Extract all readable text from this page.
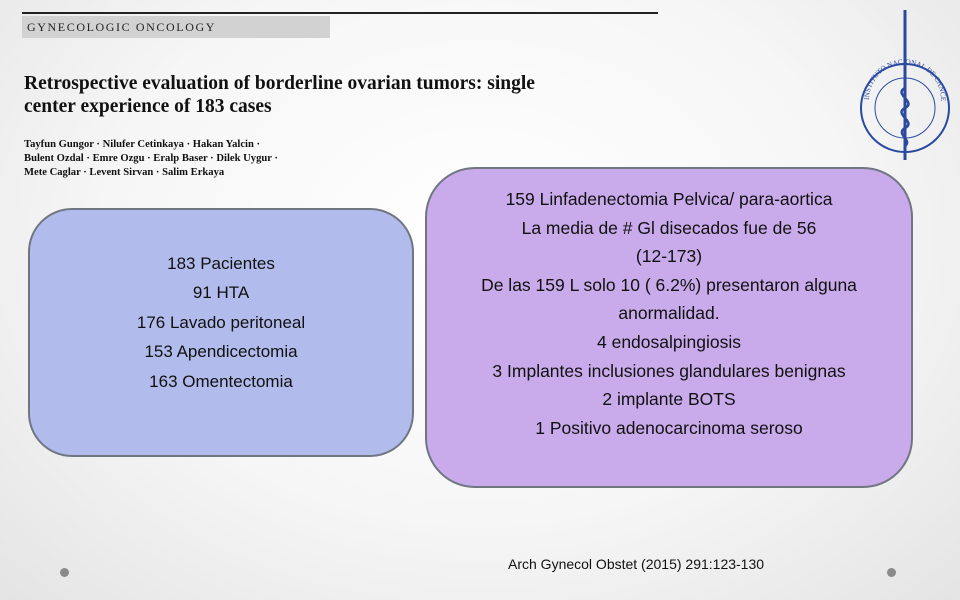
GYNECOLOGIC ONCOLOGY
Retrospective evaluation of borderline ovarian tumors: single
center experience of 183 cases
Tayfun Gungor · Nilufer Cetinkaya · Hakan Yalcin ·
Bulent Ozdal · Emre Ozgu · Eralp Baser · Dilek Uygur ·
Mete Caglar · Levent Sirvan · Salim Erkaya
INSTITUTO NACIONAL DE CANCE
183 Pacientes
91 HTA
176 Lavado peritoneal
153 Apendicectomia
163 Omentectomia
159 Linfadenectomia Pelvica/ para-aortica
La media de # Gl disecados fue de 56
(12-173)
De las 159 L solo 10 ( 6.2%) presentaron alguna
anormalidad.
4 endosalpingiosis
3 Implantes inclusiones glandulares benignas
2 implante BOTS
1 Positivo adenocarcinoma seroso
Arch Gynecol Obstet (2015) 291:123-130
